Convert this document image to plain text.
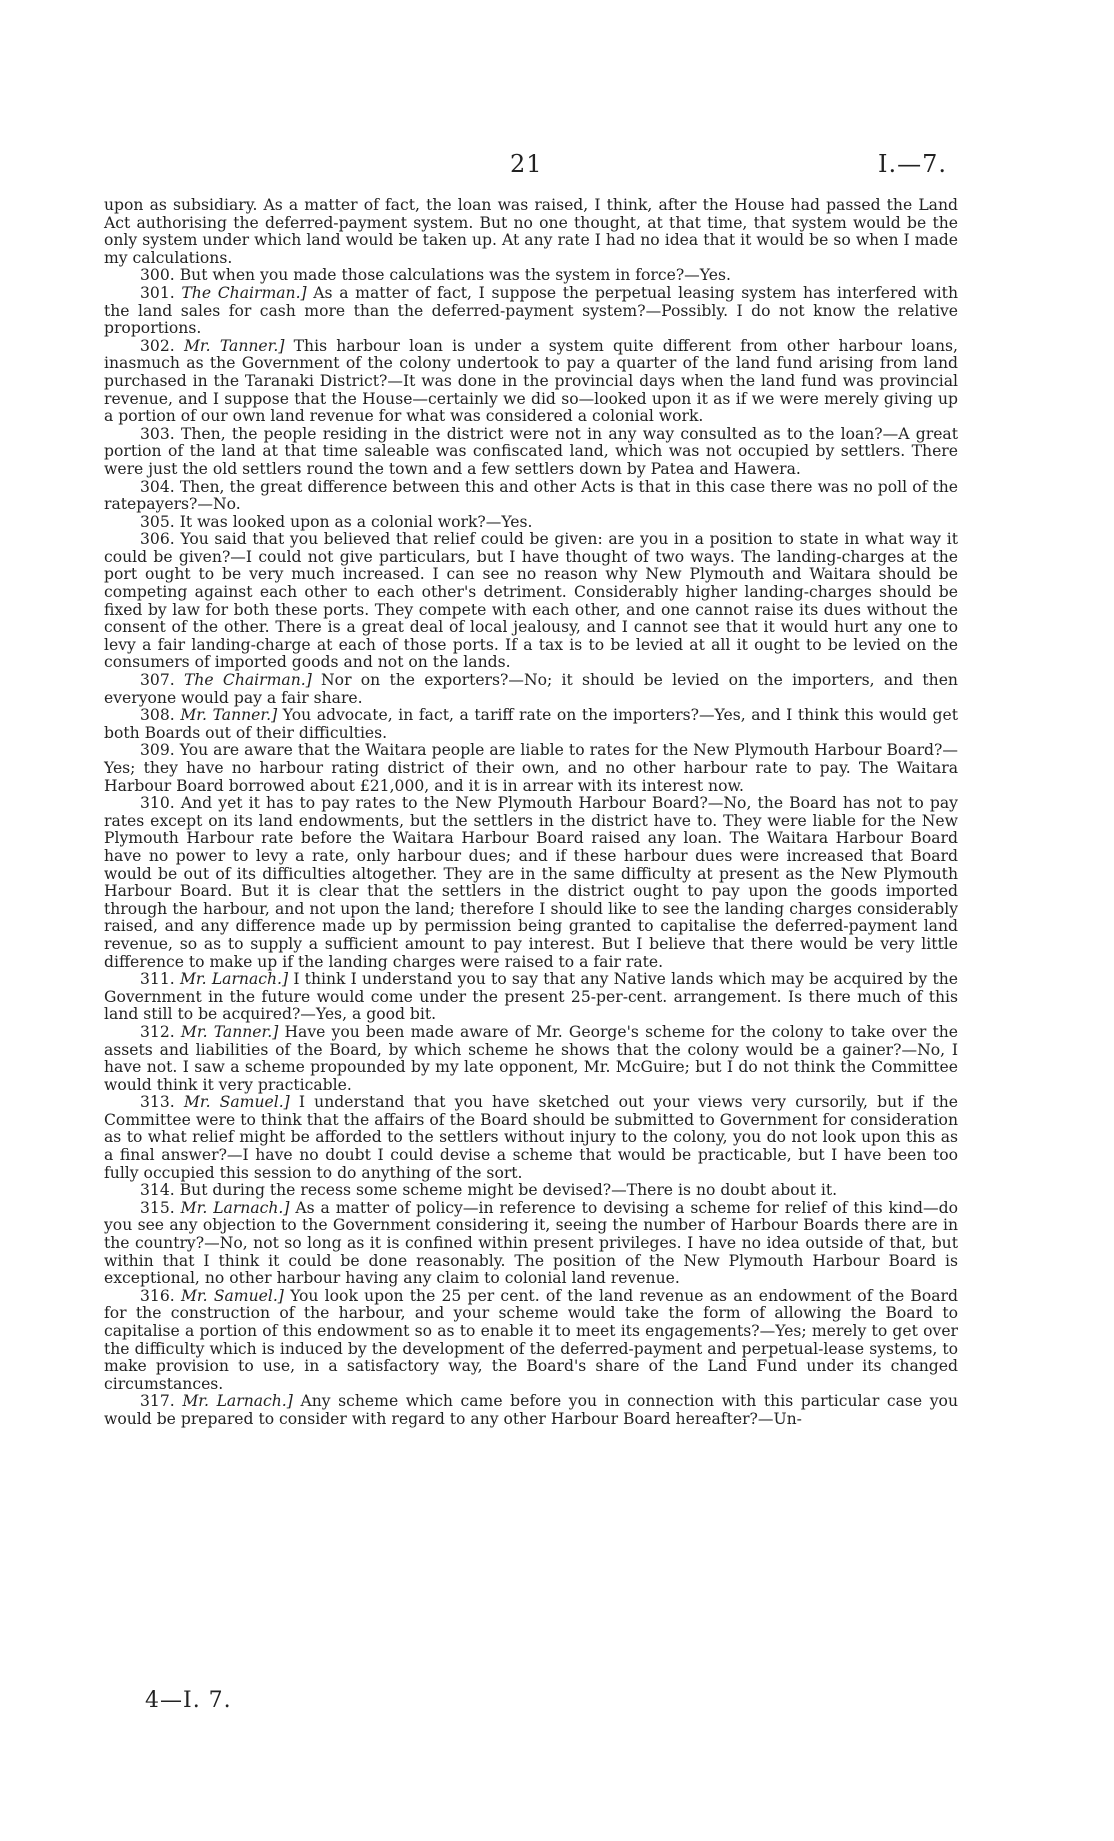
21	I.—7.

upon as subsidiary. As a matter of fact, the loan was raised, I think, after the House had passed the Land Act authorising the deferred-payment system. But no one thought, at that time, that system would be the only system under which land would be taken up. At any rate I had no idea that it would be so when I made my calculations.

300. But when you made those calculations was the system in force?—Yes.

301. The Chairman.] As a matter of fact, I suppose the perpetual leasing system has interfered with the land sales for cash more than the deferred-payment system?—Possibly. I do not know the relative proportions.

302. Mr. Tanner.] This harbour loan is under a system quite different from other harbour loans, inasmuch as the Government of the colony undertook to pay a quarter of the land fund arising from land purchased in the Taranaki District?—It was done in the provincial days when the land fund was provincial revenue, and I suppose that the House—certainly we did so—looked upon it as if we were merely giving up a portion of our own land revenue for what was considered a colonial work.

303. Then, the people residing in the district were not in any way consulted as to the loan?—A great portion of the land at that time saleable was confiscated land, which was not occupied by settlers. There were just the old settlers round the town and a few settlers down by Patea and Hawera.

304. Then, the great difference between this and other Acts is that in this case there was no poll of the ratepayers?—No.

305. It was looked upon as a colonial work?—Yes.

306. You said that you believed that relief could be given: are you in a position to state in what way it could be given?—I could not give particulars, but I have thought of two ways. The landing-charges at the port ought to be very much increased. I can see no reason why New Plymouth and Waitara should be competing against each other to each other's detriment. Considerably higher landing-charges should be fixed by law for both these ports. They compete with each other, and one cannot raise its dues without the consent of the other. There is a great deal of local jealousy, and I cannot see that it would hurt any one to levy a fair landing-charge at each of those ports. If a tax is to be levied at all it ought to be levied on the consumers of imported goods and not on the lands.

307. The Chairman.] Nor on the exporters?—No; it should be levied on the importers, and then everyone would pay a fair share.

308. Mr. Tanner.] You advocate, in fact, a tariff rate on the importers?—Yes, and I think this would get both Boards out of their difficulties.

309. You are aware that the Waitara people are liable to rates for the New Plymouth Harbour Board?—Yes; they have no harbour rating district of their own, and no other harbour rate to pay. The Waitara Harbour Board borrowed about £21,000, and it is in arrear with its interest now.

310. And yet it has to pay rates to the New Plymouth Harbour Board?—No, the Board has not to pay rates except on its land endowments, but the settlers in the district have to. They were liable for the New Plymouth Harbour rate before the Waitara Harbour Board raised any loan. The Waitara Harbour Board have no power to levy a rate, only harbour dues; and if these harbour dues were increased that Board would be out of its difficulties altogether. They are in the same difficulty at present as the New Plymouth Harbour Board. But it is clear that the settlers in the district ought to pay upon the goods imported through the harbour, and not upon the land; therefore I should like to see the landing charges considerably raised, and any difference made up by permission being granted to capitalise the deferred-payment land revenue, so as to supply a sufficient amount to pay interest. But I believe that there would be very little difference to make up if the landing charges were raised to a fair rate.

311. Mr. Larnach.] I think I understand you to say that any Native lands which may be acquired by the Government in the future would come under the present 25-per-cent. arrangement. Is there much of this land still to be acquired?—Yes, a good bit.

312. Mr. Tanner.] Have you been made aware of Mr. George's scheme for the colony to take over the assets and liabilities of the Board, by which scheme he shows that the colony would be a gainer?—No, I have not. I saw a scheme propounded by my late opponent, Mr. McGuire; but I do not think the Committee would think it very practicable.

313. Mr. Samuel.] I understand that you have sketched out your views very cursorily, but if the Committee were to think that the affairs of the Board should be submitted to Government for consideration as to what relief might be afforded to the settlers without injury to the colony, you do not look upon this as a final answer?—I have no doubt I could devise a scheme that would be practicable, but I have been too fully occupied this session to do anything of the sort.

314. But during the recess some scheme might be devised?—There is no doubt about it.

315. Mr. Larnach.] As a matter of policy—in reference to devising a scheme for relief of this kind—do you see any objection to the Government considering it, seeing the number of Harbour Boards there are in the country?—No, not so long as it is confined within present privileges. I have no idea outside of that, but within that I think it could be done reasonably. The position of the New Plymouth Harbour Board is exceptional, no other harbour having any claim to colonial land revenue.

316. Mr. Samuel.] You look upon the 25 per cent. of the land revenue as an endowment of the Board for the construction of the harbour, and your scheme would take the form of allowing the Board to capitalise a portion of this endowment so as to enable it to meet its engagements?—Yes; merely to get over the difficulty which is induced by the development of the deferred-payment and perpetual-lease systems, to make provision to use, in a satisfactory way, the Board's share of the Land Fund under its changed circumstances.

317. Mr. Larnach.] Any scheme which came before you in connection with this particular case you would be prepared to consider with regard to any other Harbour Board hereafter?—Un-

4—I. 7.
